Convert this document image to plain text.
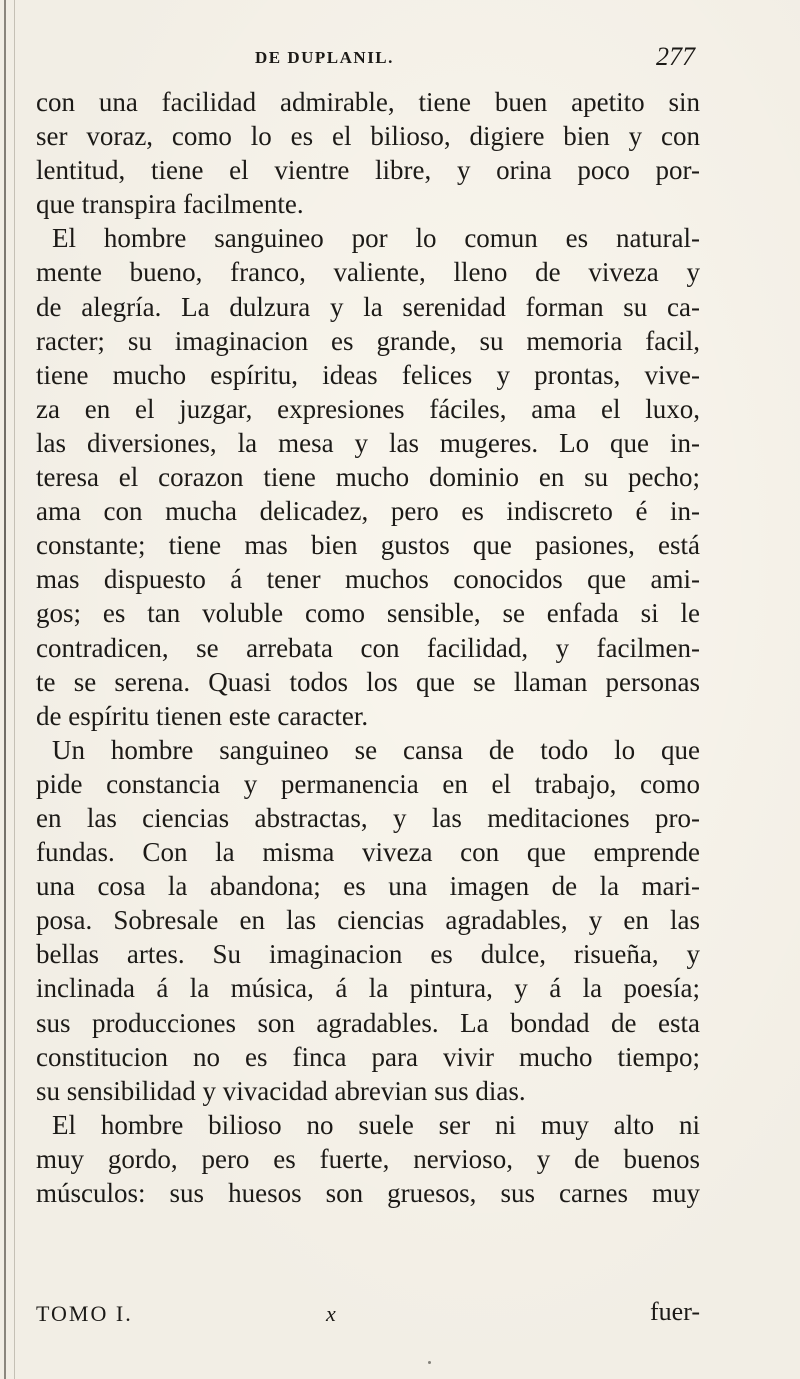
DE DUPLANIL.	277
con una facilidad admirable, tiene buen apetito sin
ser voraz, como lo es el bilioso, digiere bien y con
lentitud, tiene el vientre libre, y orina poco por-
que transpira facilmente.
El hombre sanguineo por lo comun es natural-
mente bueno, franco, valiente, lleno de viveza y
de alegría. La dulzura y la serenidad forman su ca-
racter; su imaginacion es grande, su memoria facil,
tiene mucho espíritu, ideas felices y prontas, vive-
za en el juzgar, expresiones fáciles, ama el luxo,
las diversiones, la mesa y las mugeres. Lo que in-
teresa el corazon tiene mucho dominio en su pecho;
ama con mucha delicadez, pero es indiscreto é in-
constante; tiene mas bien gustos que pasiones, está
mas dispuesto á tener muchos conocidos que ami-
gos; es tan voluble como sensible, se enfada si le
contradicen, se arrebata con facilidad, y facilmen-
te se serena. Quasi todos los que se llaman personas
de espíritu tienen este caracter.
Un hombre sanguineo se cansa de todo lo que
pide constancia y permanencia en el trabajo, como
en las ciencias abstractas, y las meditaciones pro-
fundas. Con la misma viveza con que emprende
una cosa la abandona; es una imagen de la mari-
posa. Sobresale en las ciencias agradables, y en las
bellas artes. Su imaginacion es dulce, risueña, y
inclinada á la música, á la pintura, y á la poesía;
sus producciones son agradables. La bondad de esta
constitucion no es finca para vivir mucho tiempo;
su sensibilidad y vivacidad abrevian sus dias.
El hombre bilioso no suele ser ni muy alto ni
muy gordo, pero es fuerte, nervioso, y de buenos
músculos: sus huesos son gruesos, sus carnes muy
TOMO I.	x	fuer-
